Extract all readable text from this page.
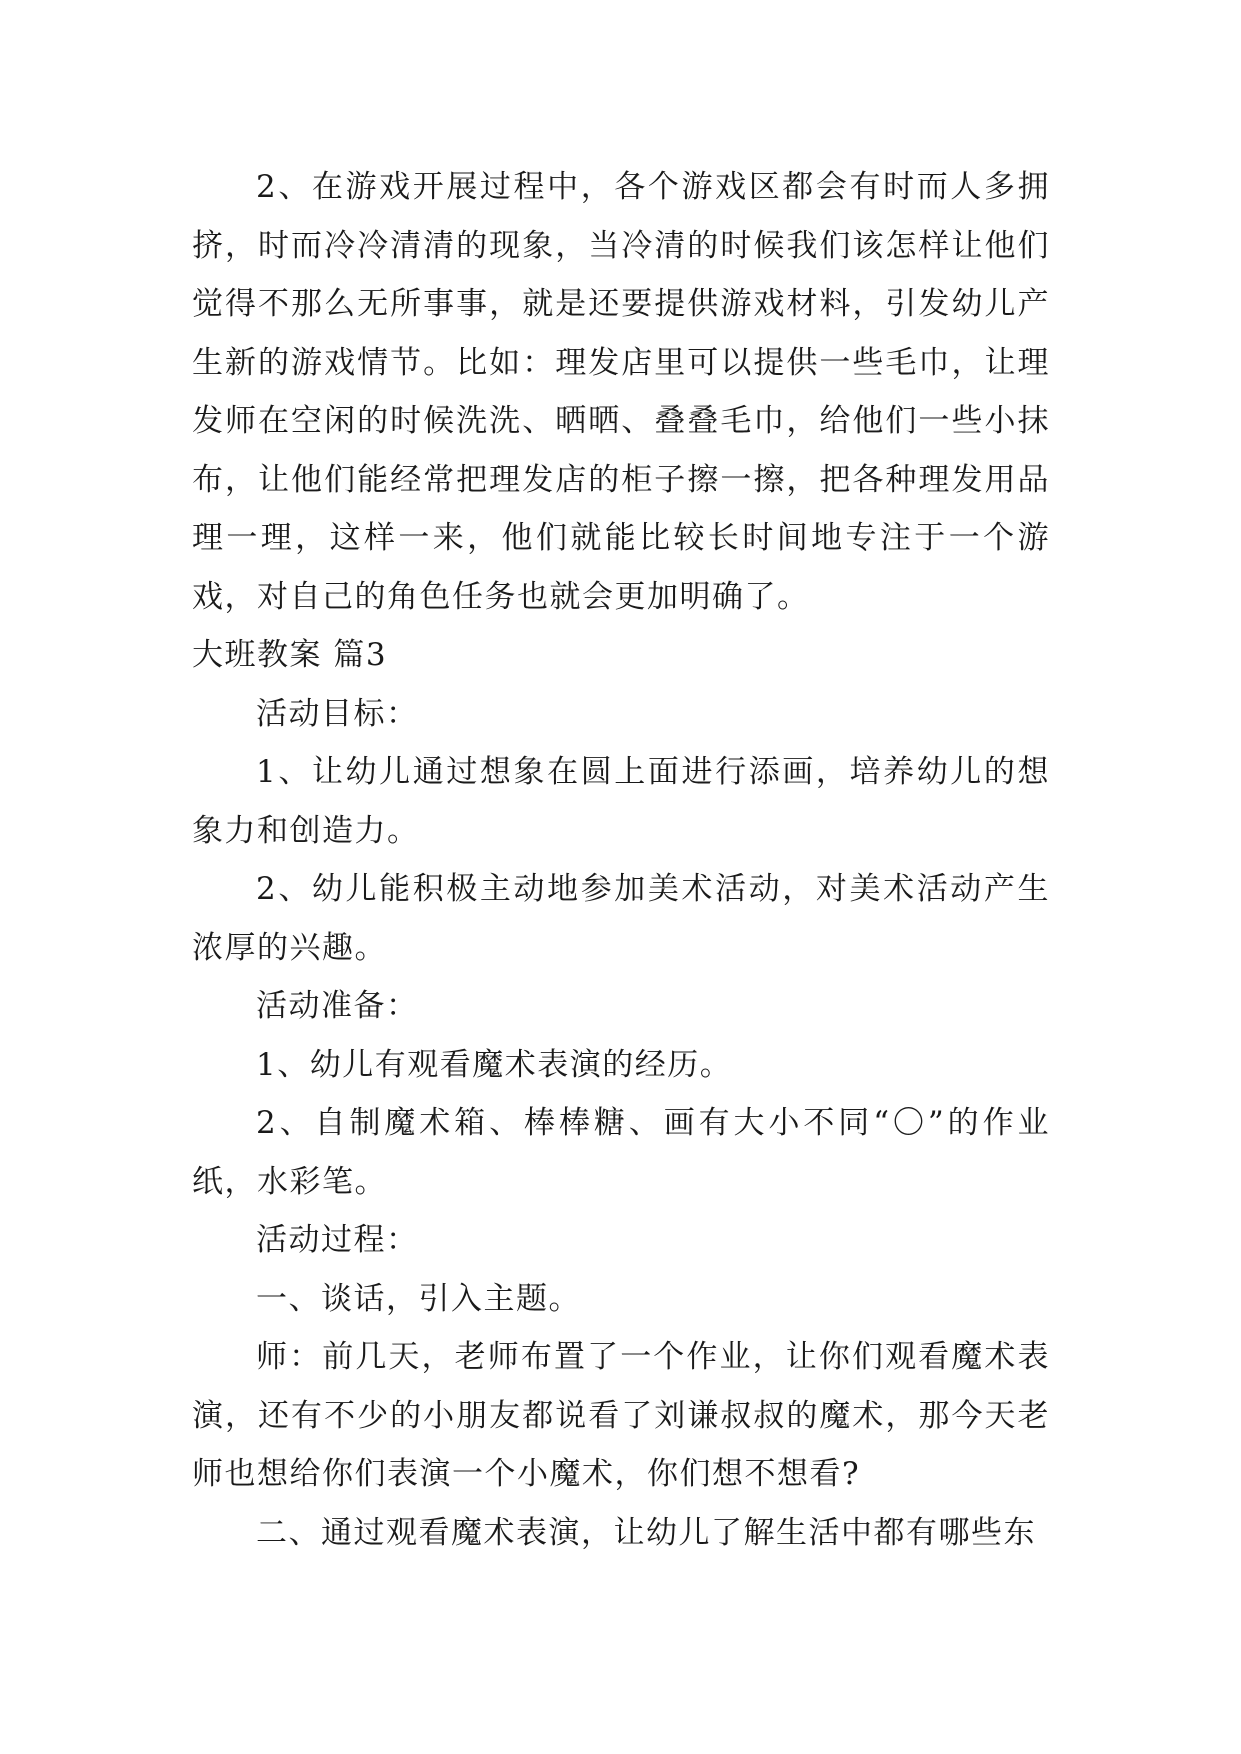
2、在游戏开展过程中，各个游戏区都会有时而人多拥挤，时而冷冷清清的现象，当冷清的时候我们该怎样让他们觉得不那么无所事事，就是还要提供游戏材料，引发幼儿产生新的游戏情节。比如：理发店里可以提供一些毛巾，让理发师在空闲的时候洗洗、晒晒、叠叠毛巾，给他们一些小抹布，让他们能经常把理发店的柜子擦一擦，把各种理发用品理一理，这样一来，他们就能比较长时间地专注于一个游戏，对自己的角色任务也就会更加明确了。

大班教案 篇3

活动目标：

1、让幼儿通过想象在圆上面进行添画，培养幼儿的想象力和创造力。

2、幼儿能积极主动地参加美术活动，对美术活动产生浓厚的兴趣。

活动准备：

1、幼儿有观看魔术表演的经历。

2、自制魔术箱、棒棒糖、画有大小不同“〇”的作业纸，水彩笔。

活动过程：

一、谈话，引入主题。

师：前几天，老师布置了一个作业，让你们观看魔术表演，还有不少的小朋友都说看了刘谦叔叔的魔术，那今天老师也想给你们表演一个小魔术，你们想不想看?

二、通过观看魔术表演，让幼儿了解生活中都有哪些东
